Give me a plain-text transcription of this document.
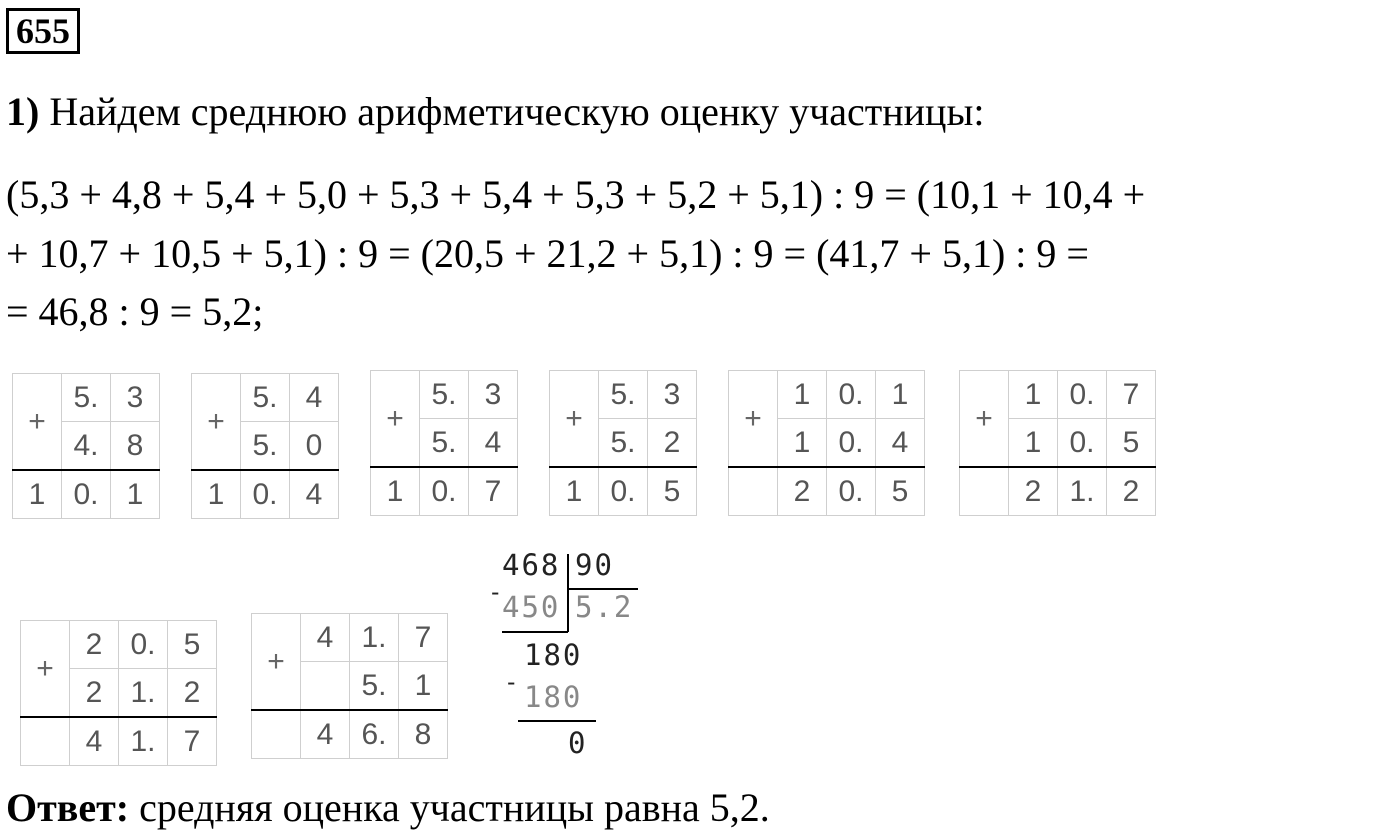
655
1) Найдем среднюю арифметическую оценку участницы:
(5,3 + 4,8 + 5,4 + 5,0 + 5,3 + 5,4 + 5,3 + 5,2 + 5,1) : 9 = (10,1 + 10,4 +
+ 10,7 + 10,5 + 5,1) : 9 = (20,5 + 21,2 + 5,1) : 9 = (41,7 + 5,1) : 9 =
= 46,8 : 9 = 5,2;
+	5.	3
	4.	8
1	0.	1
+	5.	4
	5.	0
1	0.	4
+	5.	3
	5.	4
1	0.	7
+	5.	3
	5.	2
1	0.	5
+	1	0.	1
	1	0.	4
	2	0.	5
+	1	0.	7
	1	0.	5
	2	1.	2
+	2	0.	5
	2	1.	2
	4	1.	7
+	4	1.	7
		5.	1
	4	6.	8
468 90
- 450 5.2
180
- 180
0
Ответ: средняя оценка участницы равна 5,2.
